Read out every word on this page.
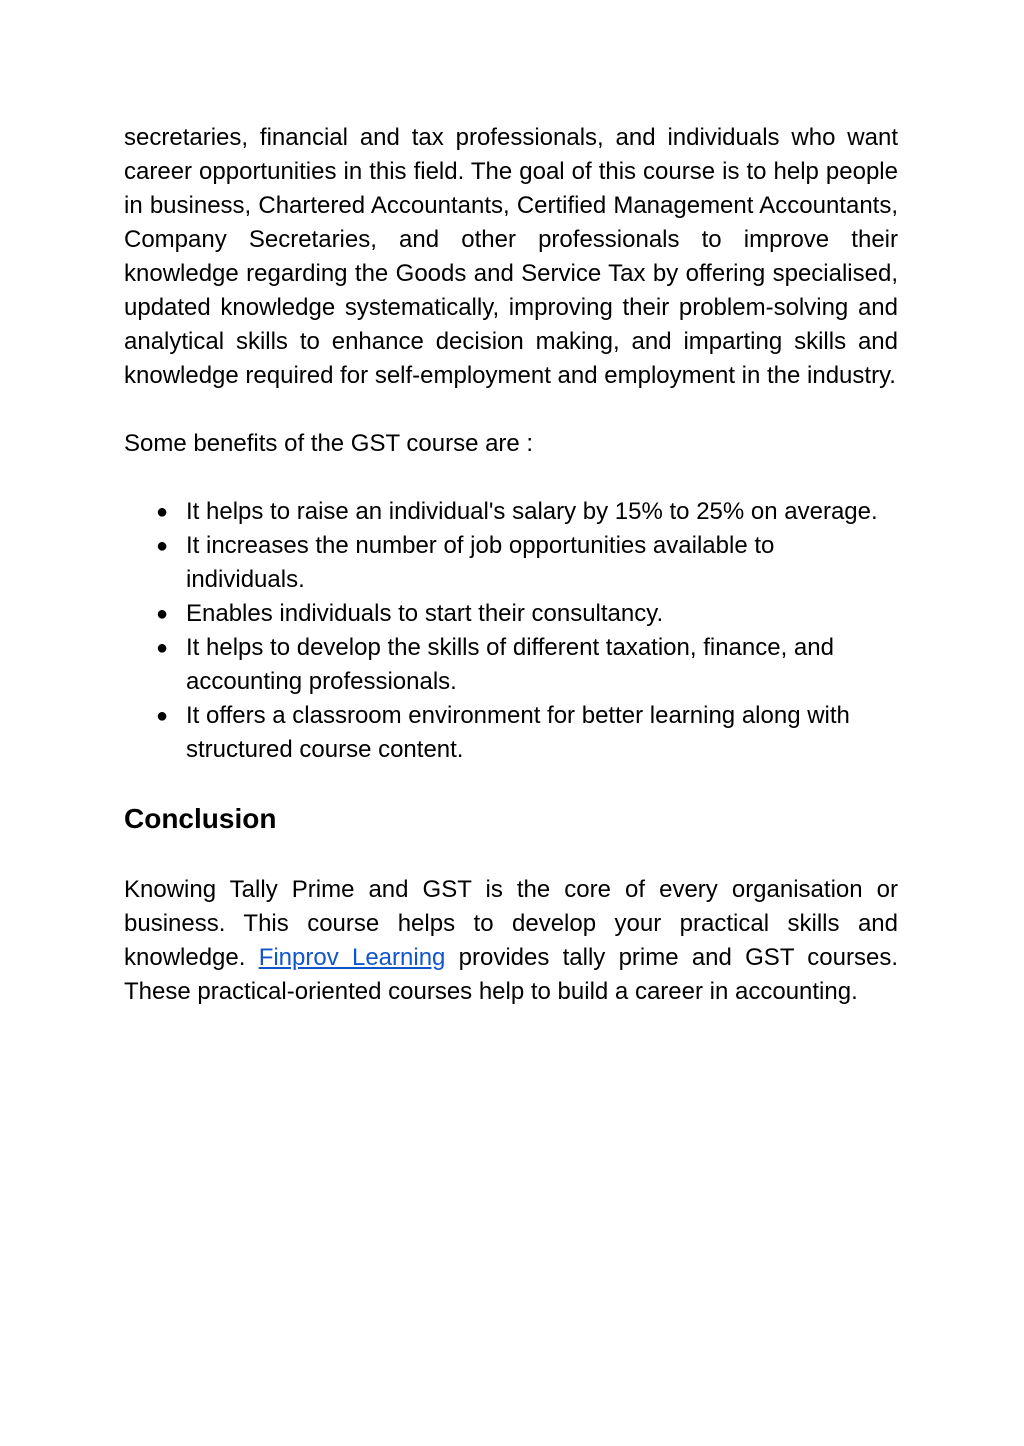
secretaries, financial and tax professionals, and individuals who want career opportunities in this field. The goal of this course is to help people in business, Chartered Accountants, Certified Management Accountants, Company Secretaries, and other professionals to improve their knowledge regarding the Goods and Service Tax by offering specialised, updated knowledge systematically, improving their problem-solving and analytical skills to enhance decision making, and imparting skills and knowledge required for self-employment and employment in the industry.

Some benefits of the GST course are :

● It helps to raise an individual's salary by 15% to 25% on average.
● It increases the number of job opportunities available to individuals.
● Enables individuals to start their consultancy.
● It helps to develop the skills of different taxation, finance, and accounting professionals.
● It offers a classroom environment for better learning along with structured course content.
Conclusion

Knowing Tally Prime and GST is the core of every organisation or business. This course helps to develop your practical skills and knowledge. Finprov Learning provides tally prime and GST courses. These practical-oriented courses help to build a career in accounting.
